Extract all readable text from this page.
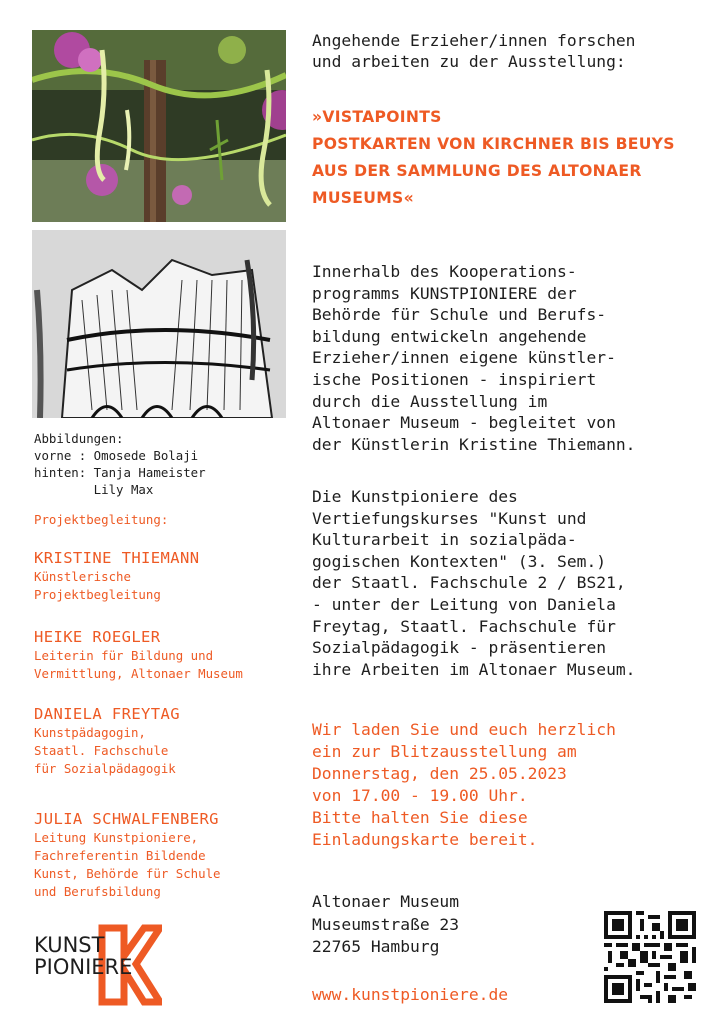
Abbildungen:
vorne : Omosede Bolaji
hinten: Tanja Hameister
Lily Max
Projektbegleitung:
KRISTINE THIEMANN
Künstlerische
Projektbegleitung
HEIKE ROEGLER
Leiterin für Bildung und
Vermittlung, Altonaer Museum
DANIELA FREYTAG
Kunstpädagogin,
Staatl. Fachschule
für Sozialpädagogik
JULIA SCHWALFENBERG
Leitung Kunstpioniere,
Fachreferentin Bildende
Kunst, Behörde für Schule
und Berufsbildung
KUNST
PIONIERE
Angehende Erzieher/innen forschen
und arbeiten zu der Ausstellung:
»VISTAPOINTS
POSTKARTEN VON KIRCHNER BIS BEUYS
AUS DER SAMMLUNG DES ALTONAER
MUSEUMS«
Innerhalb des Kooperations-
programms KUNSTPIONIERE der
Behörde für Schule und Berufs-
bildung entwickeln angehende
Erzieher/innen eigene künstler-
ische Positionen - inspiriert
durch die Ausstellung im
Altonaer Museum - begleitet von
der Künstlerin Kristine Thiemann.
Die Kunstpioniere des
Vertiefungskurses "Kunst und
Kulturarbeit in sozialpäda-
gogischen Kontexten" (3. Sem.)
der Staatl. Fachschule 2 / BS21,
- unter der Leitung von Daniela
Freytag, Staatl. Fachschule für
Sozialpädagogik - präsentieren
ihre Arbeiten im Altonaer Museum.
Wir laden Sie und euch herzlich
ein zur Blitzausstellung am
Donnerstag, den 25.05.2023
von 17.00 - 19.00 Uhr.
Bitte halten Sie diese
Einladungskarte bereit.
Altonaer Museum
Museumstraße 23
22765 Hamburg
www.kunstpioniere.de
